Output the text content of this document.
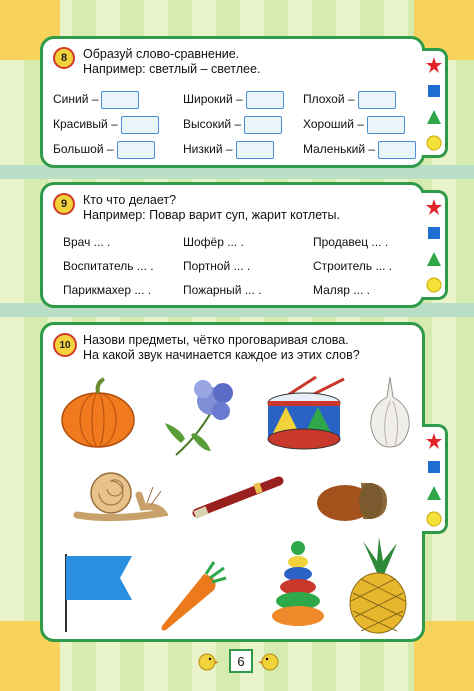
8	Образуй слово-сравнение.
Например: светлый – светлее.
Синий –	Широкий –	Плохой –
Красивый –	Высокий –	Хороший –
Большой –	Низкий –	Маленький –
9	Кто что делает?
Например: Повар варит суп, жарит котлеты.
Врач ... .	Шофёр ... .	Продавец ... .
Воспитатель ... . Портной ... .	Строитель ... .
Парикмахер ... .	Пожарный ... .	Маляр ... .
10 Назови предметы, чётко проговаривая слова.
На какой звук начинается каждое из этих слов?
6
